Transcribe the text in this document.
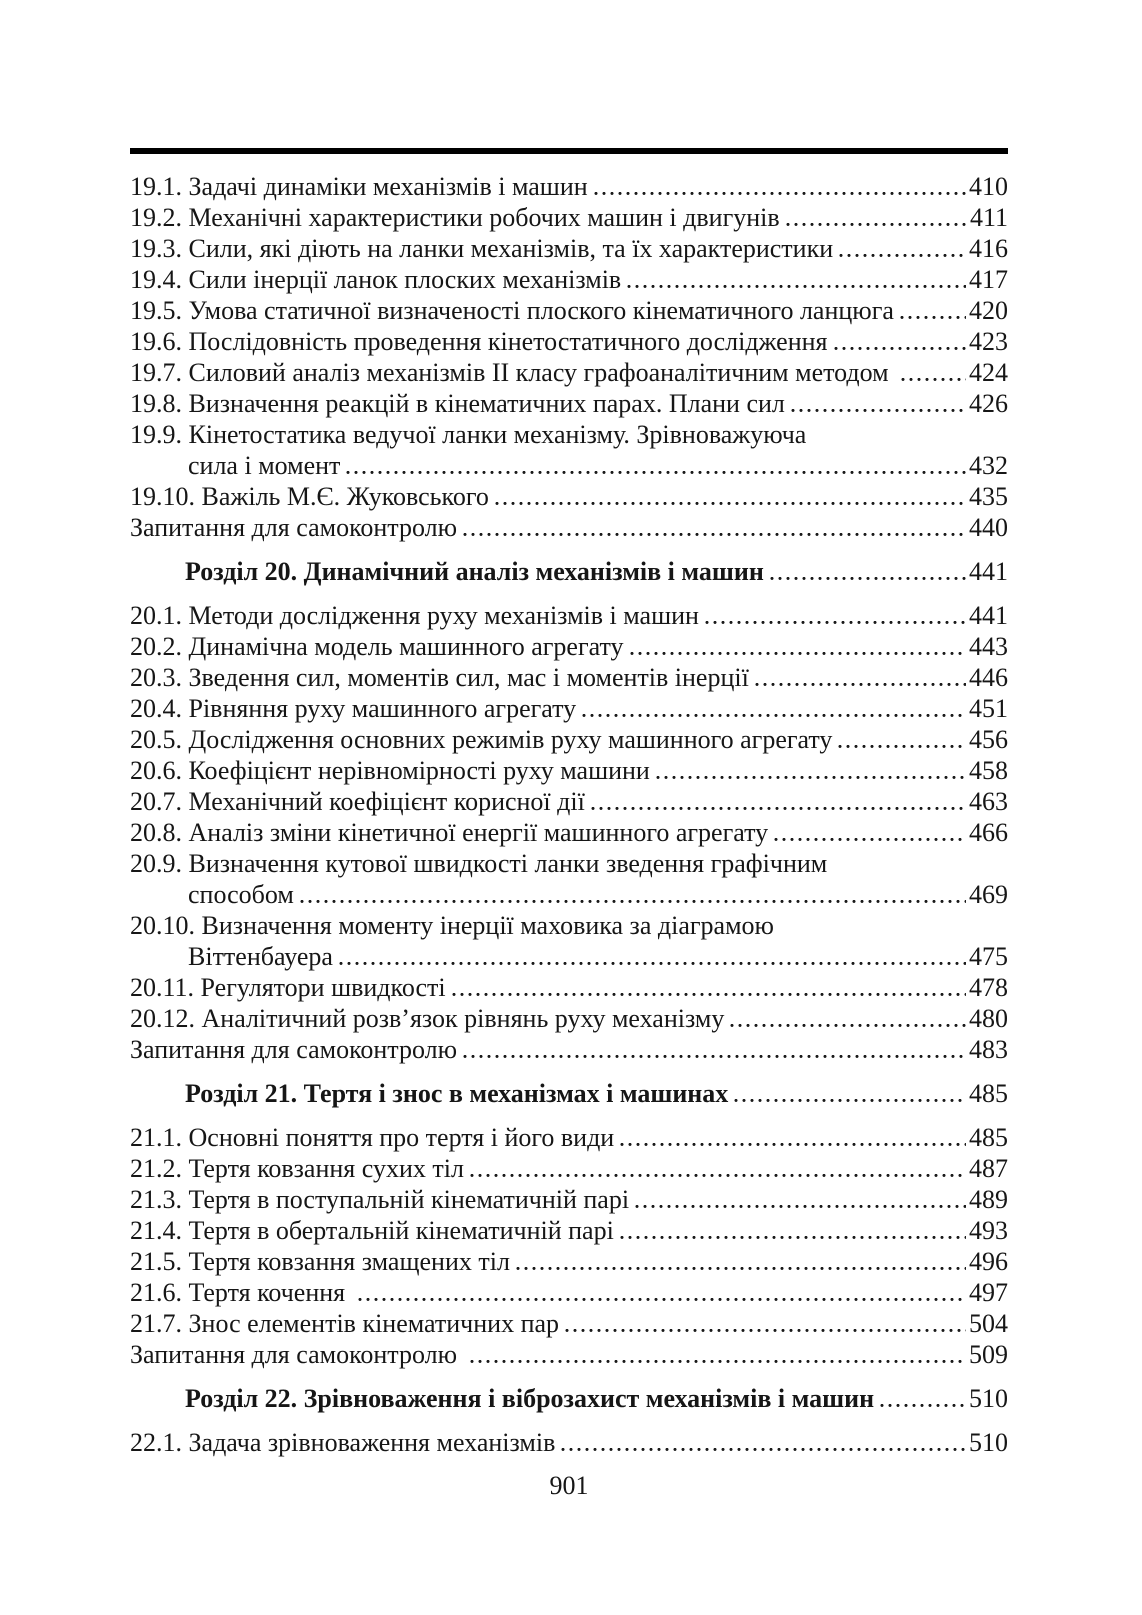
19.1. Задачі динаміки механізмів і машин	410
19.2. Механічні характеристики робочих машин і двигунів	411
19.3. Сили, які діють на ланки механізмів, та їх характеристики	416
19.4. Сили інерції ланок плоских механізмів	417
19.5. Умова статичної визначеності плоского кінематичного ланцюга	420
19.6. Послідовність проведення кінетостатичного дослідження	423
19.7. Силовий аналіз механізмів ІІ класу графоаналітичним методом	424
19.8. Визначення реакцій в кінематичних парах. Плани сил	426
19.9. Кінетостатика ведучої ланки механізму. Зрівноважуюча
сила і момент	432
19.10. Важіль М.Є. Жуковського	435
Запитання для самоконтролю	440
Розділ 20. Динамічний аналіз механізмів і машин	441
20.1. Методи дослідження руху механізмів і машин	441
20.2. Динамічна модель машинного агрегату	443
20.3. Зведення сил, моментів сил, мас і моментів інерції	446
20.4. Рівняння руху машинного агрегату	451
20.5. Дослідження основних режимів руху машинного агрегату	456
20.6. Коефіцієнт нерівномірності руху машини	458
20.7. Механічний коефіцієнт корисної дії	463
20.8. Аналіз зміни кінетичної енергії машинного агрегату	466
20.9. Визначення кутової швидкості ланки зведення графічним
способом	469
20.10. Визначення моменту інерції маховика за діаграмою
Віттенбауера	475
20.11. Регулятори швидкості	478
20.12. Аналітичний розв’язок рівнянь руху механізму	480
Запитання для самоконтролю	483
Розділ 21. Тертя і знос в механізмах і машинах	485
21.1. Основні поняття про тертя і його види	485
21.2. Тертя ковзання сухих тіл	487
21.3. Тертя в поступальній кінематичній парі	489
21.4. Тертя в обертальній кінематичній парі	493
21.5. Тертя ковзання змащених тіл	496
21.6. Тертя кочення	497
21.7. Знос елементів кінематичних пар	504
Запитання для самоконтролю	509
Розділ 22. Зрівноваження і віброзахист механізмів і машин	510
22.1. Задача зрівноваження механізмів	510
901
